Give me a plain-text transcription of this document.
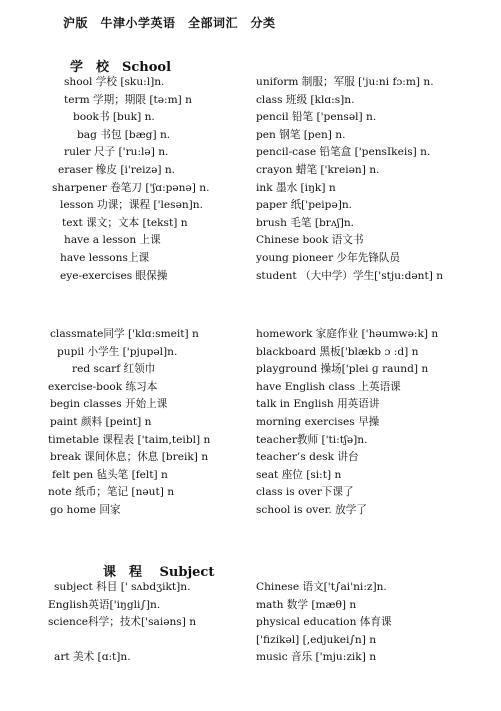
沪版　牛津小学英语　全部词汇　分类
学　校　School
shool 学校 [sku:l]n.	uniform 制服；军服 ['ju:ni fɔ:m] n.
term 学期；期限 [tə:m] n	class 班级 [klɑ:s]n.
book书 [buk] n.	pencil 铅笔 ['pensəl] n.
bag 书包 [bæg] n.	pen 钢笔 [pen] n.
ruler 尺子 ['ru:lə] n.	pencil-case 铅笔盒 ['pensIkeis] n.
eraser 橡皮 [i'reizə] n.	crayon 蜡笔 ['kreiən] n.
sharpener 卷笔刀 ['ʃɑ:pənə] n.	ink 墨水 [iŋk] n
lesson 功课；课程 ['lesən]n.	paper 纸['peipə]n.
text 课文；文本 [tekst] n	brush 毛笔 [brʌʃ]n.
have a lesson 上课	Chinese book 语文书
have lessons上课	young pioneer 少年先锋队员
eye-exercises 眼保操	student （大中学）学生['stju:dənt] n
classmate同学 ['klɑ:smeit] n	homework 家庭作业 ['həumwə:k] n
pupil 小学生 ['pjupəl]n.	blackboard 黑板['blækb ɔ :d] n
red scarf 红领巾	playground 操场['plei ɡ raund] n
exercise-book 练习本	have English class 上英语课
begin classes 开始上课	talk in English 用英语讲
paint 颜料 [peint] n	morning exercises 早操
timetable 课程表 ['taim,teibl] n	teacher教师 ['ti:tʃə]n.
break 课间休息；休息 [breik] n	teacher’s desk 讲台
felt pen 毡头笔 [felt] n	seat 座位 [si:t] n
note 纸币；笔记 [nəut] n	class is over下课了
go home 回家	school is over. 放学了
课　程　 Subject
subject 科目 [' sʌbdʒikt]n.	Chinese 语文['t∫ai'ni:z]n.
English英语['iŋgli∫]n.	math 数学 [mæθ] n
science科学；技术['saiəns] n	physical education 体育课
['fizikəl] [,edjukei∫n] n
art 美术 [ɑ:t]n.	music 音乐 ['mju:zik] n
